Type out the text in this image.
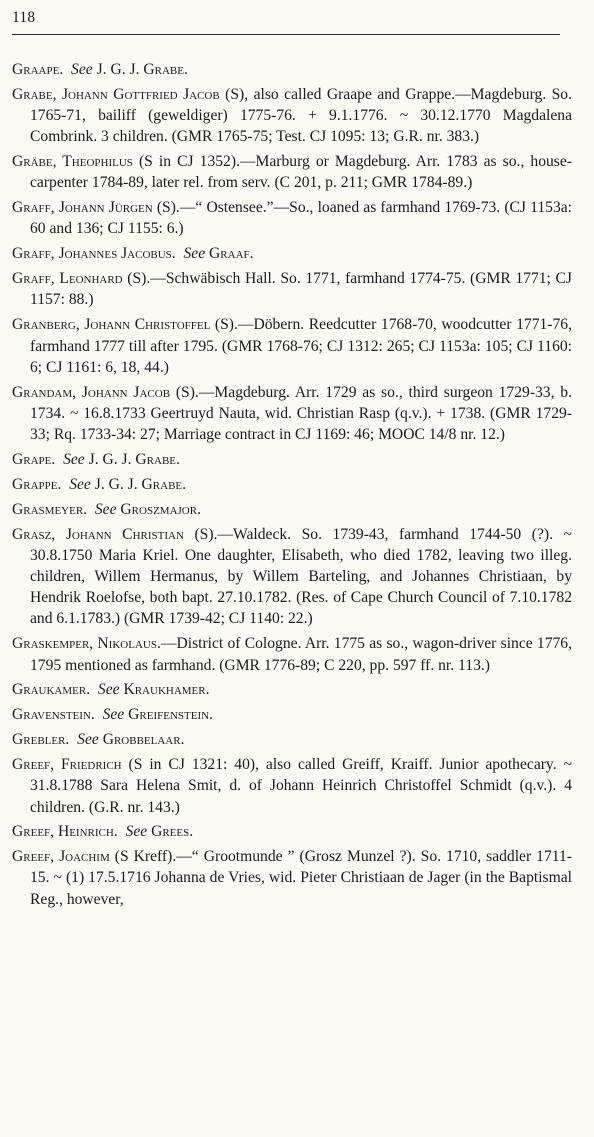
118
Graape. See J. G. J. Grabe.
Grabe, Johann Gottfried Jacob (S), also called Graape and Grappe.—Magdeburg. So. 1765-71, bailiff (geweldiger) 1775-76. + 9.1.1776. ~ 30.12.1770 Magdalena Combrink. 3 children. (GMR 1765-75; Test. CJ 1095: 13; G.R. nr. 383.)
Gräbe, Theophilus (S in CJ 1352).—Marburg or Magdeburg. Arr. 1783 as so., house-carpenter 1784-89, later rel. from serv. (C 201, p. 211; GMR 1784-89.)
Graff, Johann Jürgen (S).—“ Ostensee.”—So., loaned as farmhand 1769-73. (CJ 1153a: 60 and 136; CJ 1155: 6.)
Graff, Johannes Jacobus. See Graaf.
Graff, Leonhard (S).—Schwäbisch Hall. So. 1771, farmhand 1774-75. (GMR 1771; CJ 1157: 88.)
Granberg, Johann Christoffel (S).—Döbern. Reedcutter 1768-70, woodcutter 1771-76, farmhand 1777 till after 1795. (GMR 1768-76; CJ 1312: 265; CJ 1153a: 105; CJ 1160: 6; CJ 1161: 6, 18, 44.)
Grandam, Johann Jacob (S).—Magdeburg. Arr. 1729 as so., third surgeon 1729-33, b. 1734. ~ 16.8.1733 Geertruyd Nauta, wid. Christian Rasp (q.v.). + 1738. (GMR 1729-33; Rq. 1733-34: 27; Marriage contract in CJ 1169: 46; MOOC 14/8 nr. 12.)
Grape. See J. G. J. Grabe.
Grappe. See J. G. J. Grabe.
Grasmeyer. See Groszmajor.
Grasz, Johann Christian (S).—Waldeck. So. 1739-43, farmhand 1744-50 (?). ~ 30.8.1750 Maria Kriel. One daughter, Elisabeth, who died 1782, leaving two illeg. children, Willem Hermanus, by Willem Barteling, and Johannes Christiaan, by Hendrik Roelofse, both bapt. 27.10.1782. (Res. of Cape Church Council of 7.10.1782 and 6.1.1783.) (GMR 1739-42; CJ 1140: 22.)
Graskemper, Nikolaus.—District of Cologne. Arr. 1775 as so., wagon-driver since 1776, 1795 mentioned as farmhand. (GMR 1776-89; C 220, pp. 597 ff. nr. 113.)
Graukamer. See Kraukhamer.
Gravenstein. See Greifenstein.
Grebler. See Grobbelaar.
Greef, Friedrich (S in CJ 1321: 40), also called Greiff, Kraiff. Junior apothecary. ~ 31.8.1788 Sara Helena Smit, d. of Johann Heinrich Christoffel Schmidt (q.v.). 4 children. (G.R. nr. 143.)
Greef, Heinrich. See Grees.
Greef, Joachim (S Kreff).—“ Grootmunde ” (Grosz Munzel ?). So. 1710, saddler 1711-15. ~ (1) 17.5.1716 Johanna de Vries, wid. Pieter Christiaan de Jager (in the Baptismal Reg., however,
